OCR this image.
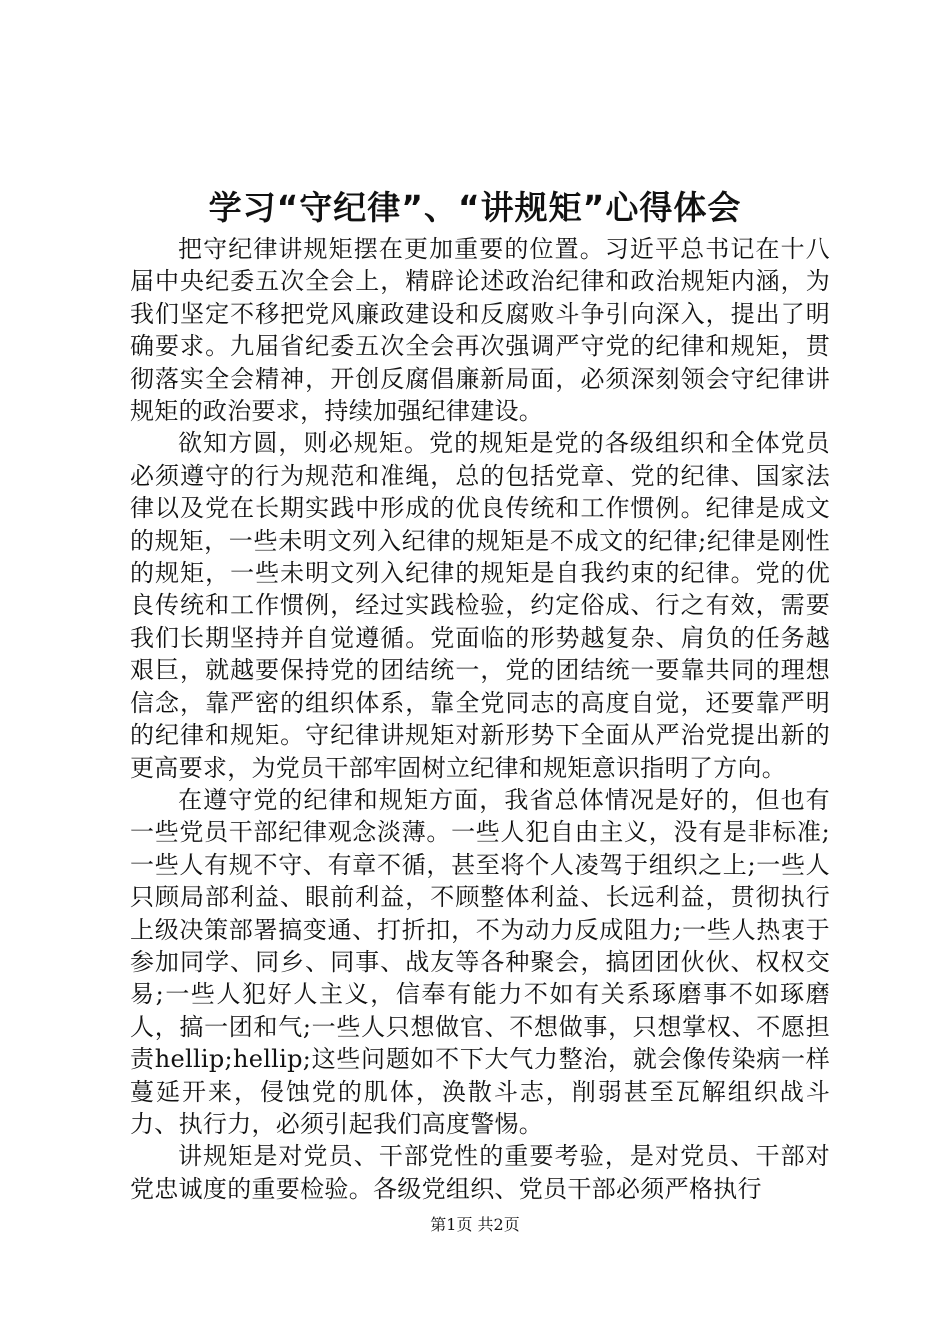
学习“守纪律”、“讲规矩”心得体会

把守纪律讲规矩摆在更加重要的位置。习近平总书记在十八届中央纪委五次全会上，精辟论述政治纪律和政治规矩内涵，为我们坚定不移把党风廉政建设和反腐败斗争引向深入，提出了明确要求。九届省纪委五次全会再次强调严守党的纪律和规矩，贯彻落实全会精神，开创反腐倡廉新局面，必须深刻领会守纪律讲规矩的政治要求，持续加强纪律建设。

欲知方圆，则必规矩。党的规矩是党的各级组织和全体党员必须遵守的行为规范和准绳，总的包括党章、党的纪律、国家法律以及党在长期实践中形成的优良传统和工作惯例。纪律是成文的规矩，一些未明文列入纪律的规矩是不成文的纪律;纪律是刚性的规矩，一些未明文列入纪律的规矩是自我约束的纪律。党的优良传统和工作惯例，经过实践检验，约定俗成、行之有效，需要我们长期坚持并自觉遵循。党面临的形势越复杂、肩负的任务越艰巨，就越要保持党的团结统一，党的团结统一要靠共同的理想信念，靠严密的组织体系，靠全党同志的高度自觉，还要靠严明的纪律和规矩。守纪律讲规矩对新形势下全面从严治党提出新的更高要求，为党员干部牢固树立纪律和规矩意识指明了方向。

在遵守党的纪律和规矩方面，我省总体情况是好的，但也有一些党员干部纪律观念淡薄。一些人犯自由主义，没有是非标准;一些人有规不守、有章不循，甚至将个人凌驾于组织之上;一些人只顾局部利益、眼前利益，不顾整体利益、长远利益，贯彻执行上级决策部署搞变通、打折扣，不为动力反成阻力;一些人热衷于参加同学、同乡、同事、战友等各种聚会，搞团团伙伙、权权交易;一些人犯好人主义，信奉有能力不如有关系琢磨事不如琢磨人，搞一团和气;一些人只想做官、不想做事，只想掌权、不愿担责hellip;hellip;这些问题如不下大气力整治，就会像传染病一样蔓延开来，侵蚀党的肌体，涣散斗志，削弱甚至瓦解组织战斗力、执行力，必须引起我们高度警惕。

讲规矩是对党员、干部党性的重要考验，是对党员、干部对党忠诚度的重要检验。各级党组织、党员干部必须严格执行

第1页 共2页
